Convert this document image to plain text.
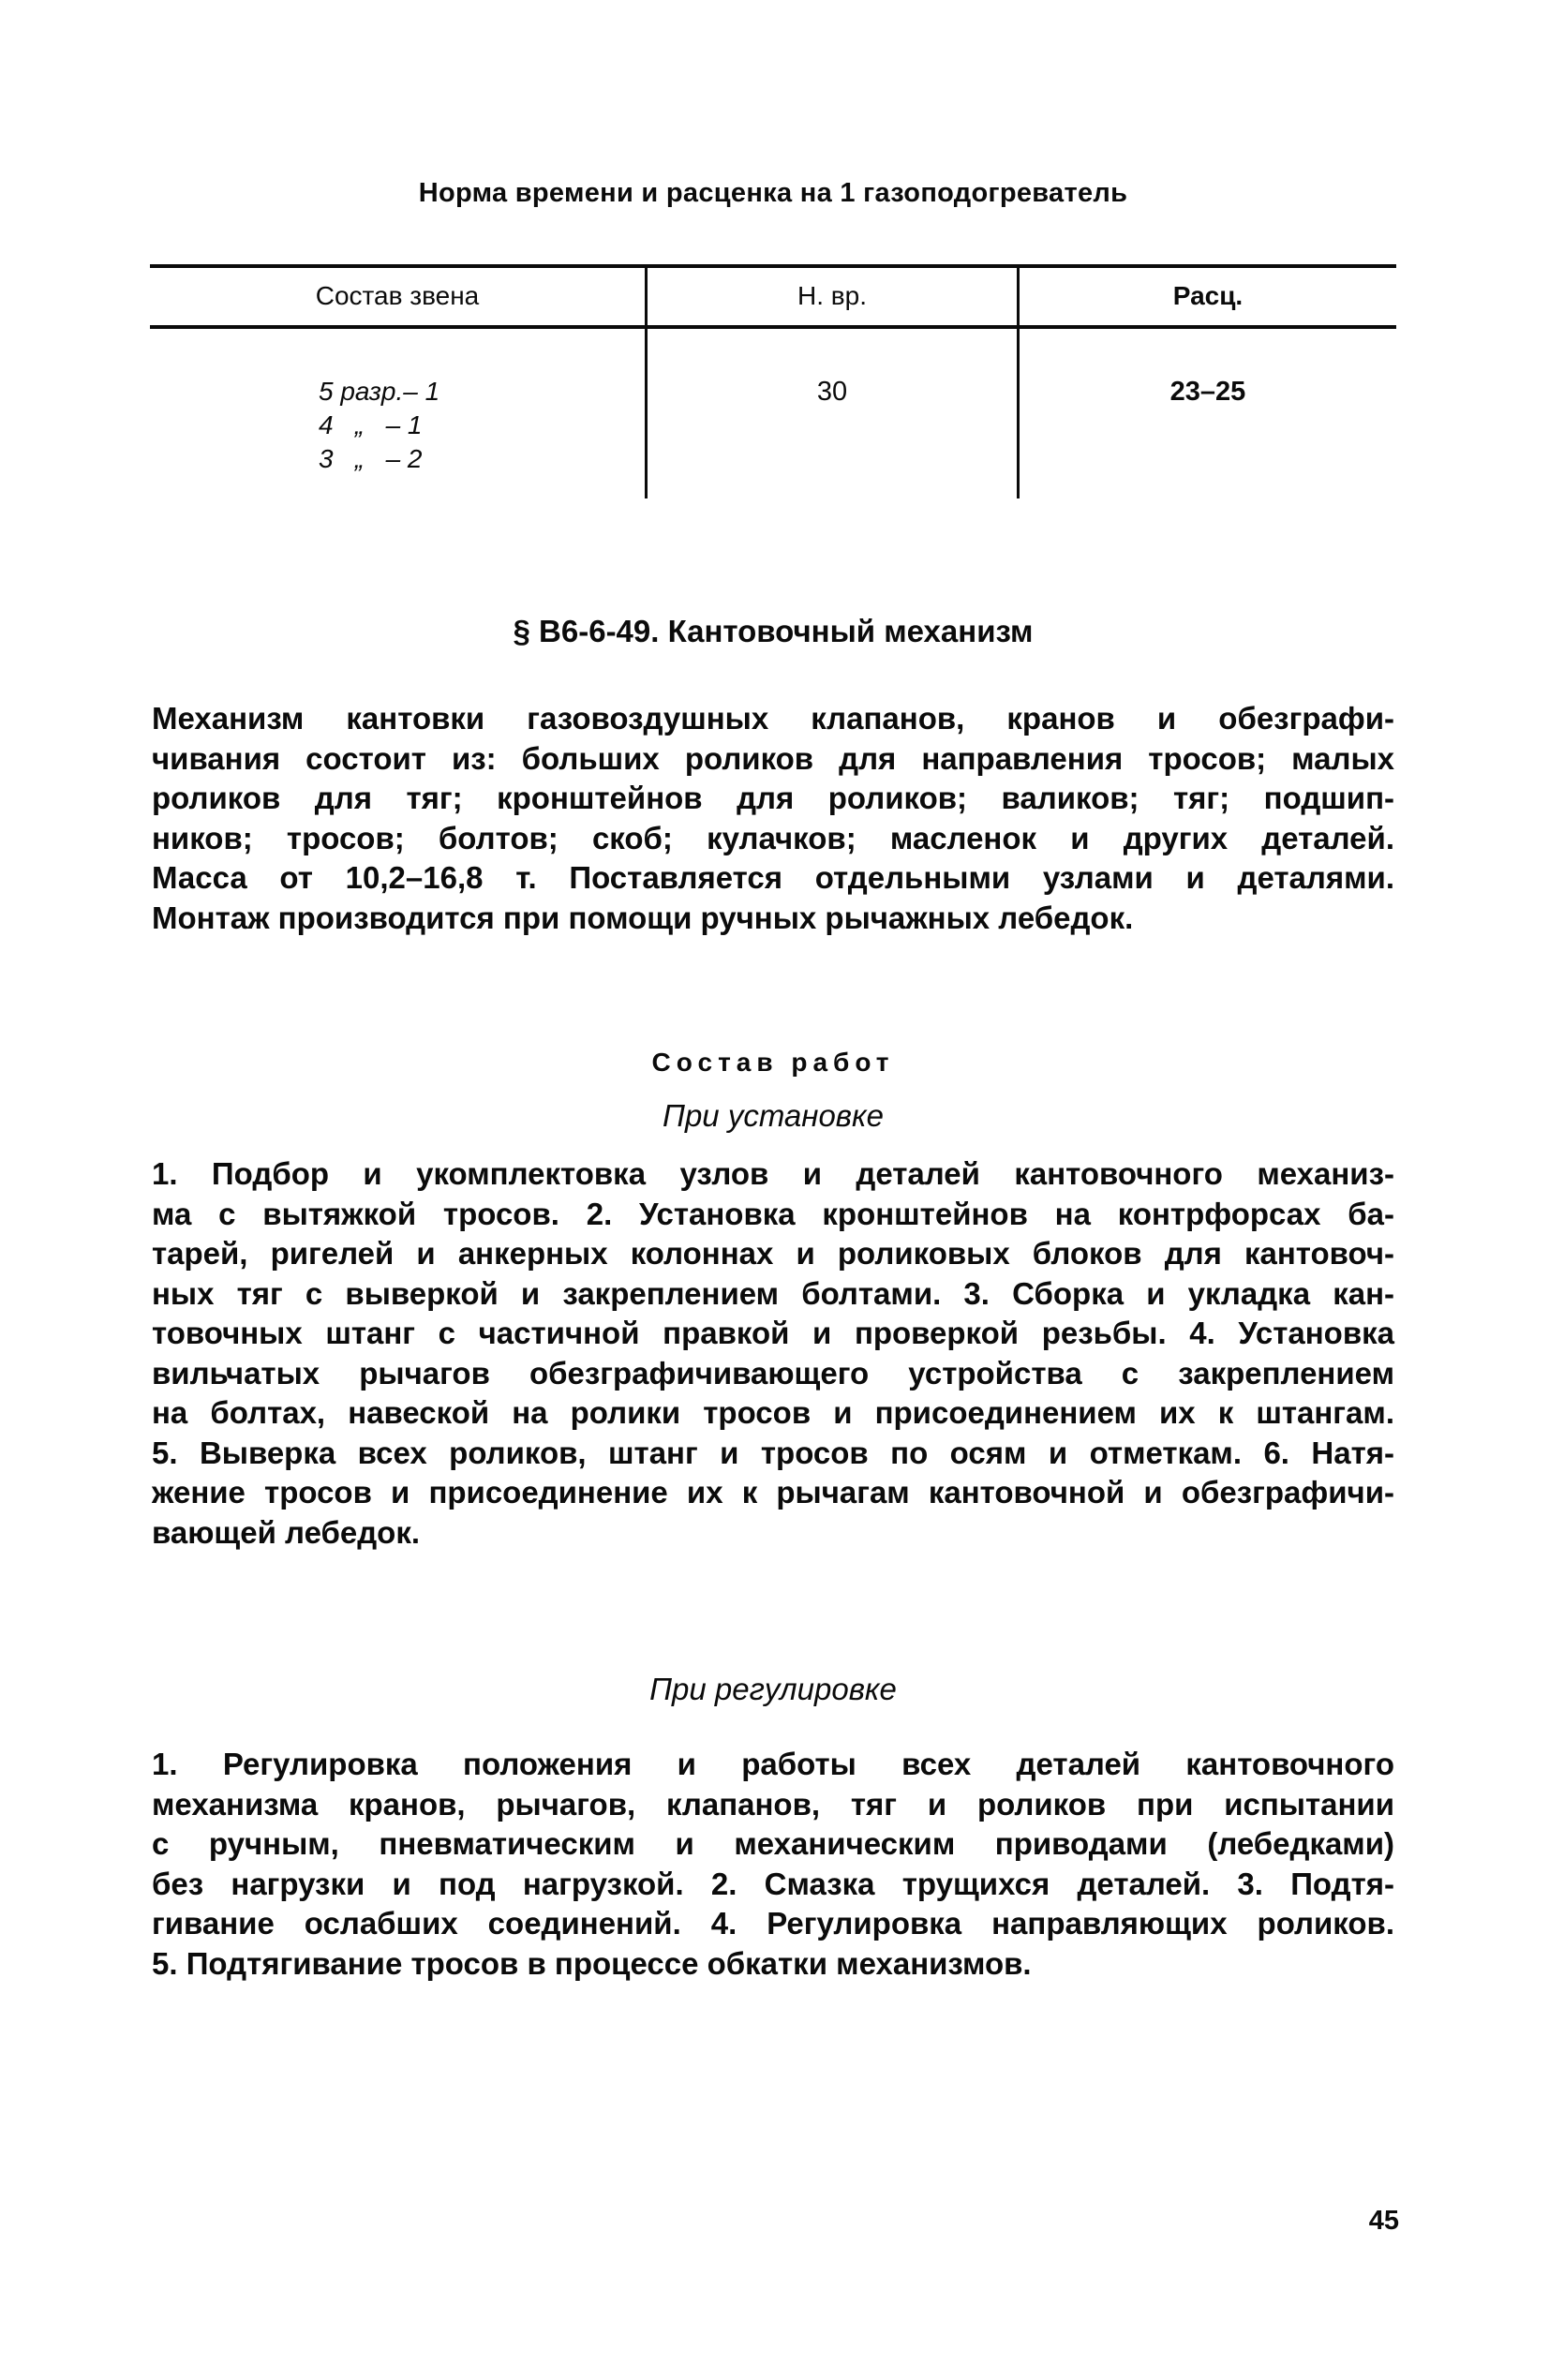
Норма времени и расценка на 1 газоподогреватель
Состав звена	Н. вр.	Расц.
5 разр.– 1
4   „   – 1
3   „   – 2
30	23–25
§ В6-6-49. Кантовочный механизм
Механизм кантовки газовоздушных клапанов, кранов и обезграфи-
чивания состоит из: больших роликов для направления тросов; малых
роликов для тяг; кронштейнов для роликов; валиков; тяг; подшип-
ников; тросов; болтов; скоб; кулачков; масленок и других деталей.
Масса от 10,2–16,8 т. Поставляется отдельными узлами и деталями.
Монтаж производится при помощи ручных рычажных лебедок.
Состав работ
При установке
1. Подбор и укомплектовка узлов и деталей кантовочного механиз-
ма с вытяжкой тросов. 2. Установка кронштейнов на контрфорсах ба-
тарей, ригелей и анкерных колоннах и роликовых блоков для кантовоч-
ных тяг с выверкой и закреплением болтами. 3. Сборка и укладка кан-
товочных штанг с частичной правкой и проверкой резьбы. 4. Установка
вильчатых рычагов обезграфичивающего устройства с закреплением
на болтах, навеской на ролики тросов и присоединением их к штангам.
5. Выверка всех роликов, штанг и тросов по осям и отметкам. 6. Натя-
жение тросов и присоединение их к рычагам кантовочной и обезграфичи-
вающей лебедок.
При регулировке
1. Регулировка положения и работы всех деталей кантовочного
механизма кранов, рычагов, клапанов, тяг и роликов при испытании
с ручным, пневматическим и механическим приводами (лебедками)
без нагрузки и под нагрузкой. 2. Смазка трущихся деталей. 3. Подтя-
гивание ослабших соединений. 4. Регулировка направляющих роликов.
5. Подтягивание тросов в процессе обкатки механизмов.
45
